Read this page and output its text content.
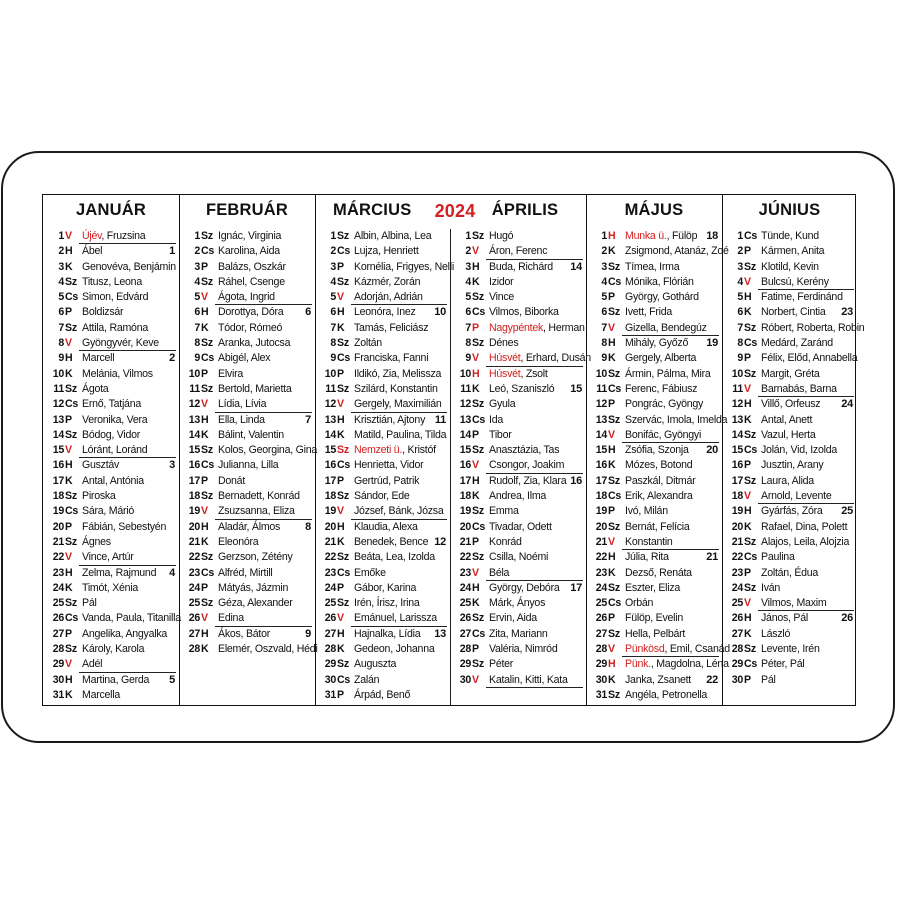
JANUÁR	FEBRUÁR	MÁRCIUS	2024 ÁPRILIS	MÁJUS	JÚNIUS
1 V Újév, Fruzsina
2 H Ábel	1
3 K Genovéva, Benjámin
4 Sz Titusz, Leona
5 Cs Simon, Edvárd
6 P Boldizsár
7 Sz Attila, Ramóna
8 V Gyöngyvér, Keve
9 H Marcell	2
10 K Melánia, Vilmos
11 Sz Ágota
12 Cs Ernő, Tatjána
13 P Veronika, Vera
14 Sz Bódog, Vidor
15 V Lóránt, Loránd
16 H Gusztáv	3
17 K Antal, Antónia
18 Sz Piroska
19 Cs Sára, Márió
20 P Fábián, Sebestyén
21 Sz Ágnes
22 V Vince, Artúr
23 H Zelma, Rajmund 4
24 K Timót, Xénia
25 Sz Pál
26 Cs Vanda, Paula, Titanilla
27 P Angelika, Angyalka
28 Sz Károly, Karola
29 V Adél
30 H Martina, Gerda 5
31 K Marcella
1 Sz Ignác, Virginia
2 Cs Karolina, Aida
3 P Balázs, Oszkár
4 Sz Ráhel, Csenge
5 V Ágota, Ingrid
6 H Dorottya, Dóra 6
7 K Tódor, Rómeó
8 Sz Aranka, Jutocsa
9 Cs Abigél, Alex
10 P Elvira
11 Sz Bertold, Marietta
12 V Lídia, Lívia
13 H Ella, Linda	7
14 K Bálint, Valentin
15 Sz Kolos, Georgina, Gina
16 Cs Julianna, Lilla
17 P Donát
18 Sz Bernadett, Konrád
19 V Zsuzsanna, Eliza
20 H Aladár, Álmos 8
21 K Eleonóra
22 Sz Gerzson, Zétény
23 Cs Alfréd, Mirtill
24 P Mátyás, Jázmin
25 Sz Géza, Alexander
26 V Edina
27 H Ákos, Bátor	9
28 K Elemér, Oszvald, Hédi
1 Sz Albin, Albina, Lea
2 Cs Lujza, Henriett
3 P Kornélia, Frigyes, Nelli
4 Sz Kázmér, Zorán
5 V Adorján, Adrián
6 H Leonóra, Inez 10
7 K Tamás, Feliciász
8 Sz Zoltán
9 Cs Franciska, Fanni
10 P Ildikó, Zia, Melissza
11 Sz Szilárd, Konstantin
12 V Gergely, Maximilián
13 H Krisztián, Ajtony 11
14 K Matild, Paulina, Tilda
15 Sz Nemzeti ü., Kristóf
16 Cs Henrietta, Vidor
17 P Gertrúd, Patrik
18 Sz Sándor, Ede
19 V József, Bánk, Józsa
20 H Klaudia, Alexa
21 K Benedek, Bence 12
22 Sz Beáta, Lea, Izolda
23 Cs Emőke
24 P Gábor, Karina
25 Sz Irén, Írisz, Irina
26 V Emánuel, Larissza
27 H Hajnalka, Lídia 13
28 K Gedeon, Johanna
29 Sz Auguszta
30 Cs Zalán
31 P Árpád, Benő
1 Sz Hugó
2 V Áron, Ferenc
3 H Buda, Richárd 14
4 K Izidor
5 Sz Vince
6 Cs Vilmos, Biborka
7 P Nagypéntek, Herman
8 Sz Dénes
9 V Húsvét, Erhard, Dusán
10 H Húsvét, Zsolt
11 K Leó, Szaniszló 15
12 Sz Gyula
13 Cs Ida
14 P Tibor
15 Sz Anasztázia, Tas
16 V Csongor, Joakim
17 H Rudolf, Zia, Klara 16
18 K Andrea, Ilma
19 Sz Emma
20 Cs Tivadar, Odett
21 P Konrád
22 Sz Csilla, Noémi
23 V Béla
24 H György, Debóra 17
25 K Márk, Ányos
26 Sz Ervin, Aida
27 Cs Zita, Mariann
28 P Valéria, Nimród
29 Sz Péter
30 V Katalin, Kitti, Kata
1 H Munka ü., Fülöp 18
2 K Zsigmond, Atanáz, Zoé
3 Sz Tímea, Irma
4 Cs Mónika, Flórián
5 P György, Gothárd
6 Sz Ivett, Frida
7 V Gizella, Bendegúz
8 H Mihály, Győző 19
9 K Gergely, Alberta
10 Sz Ármin, Pálma, Mira
11 Cs Ferenc, Fábiusz
12 P Pongrác, Gyöngy
13 Sz Szervác, Imola, Imelda
14 V Bonifác, Gyöngyi
15 H Zsófia, Szonja 20
16 K Mózes, Botond
17 Sz Paszkál, Ditmár
18 Cs Erik, Alexandra
19 P Ivó, Milán
20 Sz Bernát, Felícia
21 V Konstantin
22 H Júlia, Rita	21
23 K Dezső, Renáta
24 Sz Eszter, Eliza
25 Cs Orbán
26 P Fülöp, Evelin
27 Sz Hella, Pelbárt
28 V Pünkösd, Emil, Csanád
29 H Pünk., Magdolna, Léna
30 K Janka, Zsanett 22
31 Sz Angéla, Petronella
1 Cs Tünde, Kund
2 P Kármen, Anita
3 Sz Klotild, Kevin
4 V Bulcsú, Kerény
5 H Fatime, Ferdinánd
6 K Norbert, Cintia 23
7 Sz Róbert, Roberta, Robin
8 Cs Medárd, Zaránd
9 P Félix, Előd, Annabella
10 Sz Margit, Gréta
11 V Barnabás, Barna
12 H Villő, Orfeusz 24
13 K Antal, Anett
14 Sz Vazul, Herta
15 Cs Jolán, Vid, Izolda
16 P Jusztin, Arany
17 Sz Laura, Alida
18 V Arnold, Levente
19 H Gyárfás, Zóra 25
20 K Rafael, Dina, Polett
21 Sz Alajos, Leila, Alojzia
22 Cs Paulina
23 P Zoltán, Édua
24 Sz Iván
25 V Vilmos, Maxim
26 H János, Pál	26
27 K László
28 Sz Levente, Irén
29 Cs Péter, Pál
30 P Pál
